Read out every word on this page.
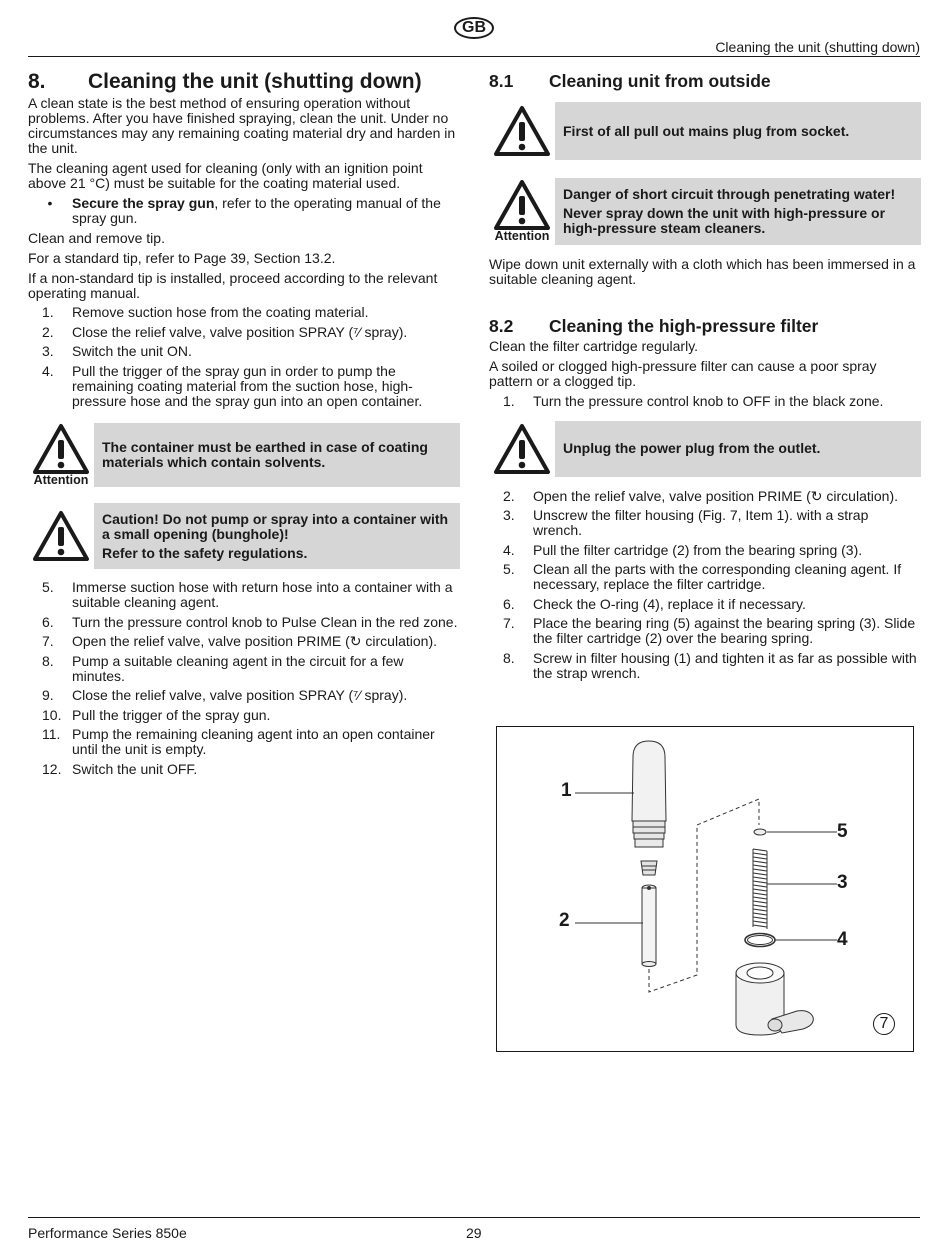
GB
Cleaning the unit (shutting down)
8.	Cleaning the unit (shutting down)

A clean state is the best method of ensuring operation without problems. After you have finished spraying, clean the unit. Under no circumstances may any remaining coating material dry and harden in the unit.

The cleaning agent used for cleaning (only with an ignition point above 21 °C) must be suitable for the coating material used.

•	Secure the spray gun, refer to the operating manual of the spray gun.

Clean and remove tip.

For a standard tip, refer to Page 39, Section 13.2.

If a non-standard tip is installed, proceed according to the relevant operating manual.

1.	Remove suction hose from the coating material.
2.	Close the relief valve, valve position SPRAY (⁷⁄ spray).
3.	Switch the unit ON.
4.	Pull the trigger of the spray gun in order to pump the remaining coating material from the suction hose, high-pressure hose and the spray gun into an open container.
Attention
The container must be earthed in case of coating materials which contain solvents.
Caution! Do not pump or spray into a container with a small opening (bunghole)!
Refer to the safety regulations.
5.	Immerse suction hose with return hose into a container with a suitable cleaning agent.
6.	Turn the pressure control knob to Pulse Clean in the red zone.
7.	Open the relief valve, valve position PRIME (↻ circulation).
8.	Pump a suitable cleaning agent in the circuit for a few minutes.
9.	Close the relief valve, valve position SPRAY (⁷⁄ spray).
10. Pull the trigger of the spray gun.
11. Pump the remaining cleaning agent into an open container until the unit is empty.
12. Switch the unit OFF.
8.1	Cleaning unit from outside
First of all pull out mains plug from socket.
Attention
Danger of short circuit through penetrating water!
Never spray down the unit with high-pressure or high-pressure steam cleaners.

Wipe down unit externally with a cloth which has been immersed in a suitable cleaning agent.

8.2	Cleaning the high-pressure filter

Clean the filter cartridge regularly.

A soiled or clogged high-pressure filter can cause a poor spray pattern or a clogged tip.

1.	Turn the pressure control knob to OFF in the black zone.
Unplug the power plug from the outlet.
2.	Open the relief valve, valve position PRIME (↻ circulation).
3.	Unscrew the filter housing (Fig. 7, Item 1). with a strap wrench.
4.	Pull the filter cartridge (2) from the bearing spring (3).
5.	Clean all the parts with the corresponding cleaning agent. If necessary, replace the filter cartridge.
6.	Check the O-ring (4), replace it if necessary.
7.	Place the bearing ring (5) against the bearing spring (3). Slide the filter cartridge (2) over the bearing spring.
8.	Screw in filter housing (1) and tighten it as far as possible with the strap wrench.
1
2
3
4
5
7
Performance Series 850e	29
